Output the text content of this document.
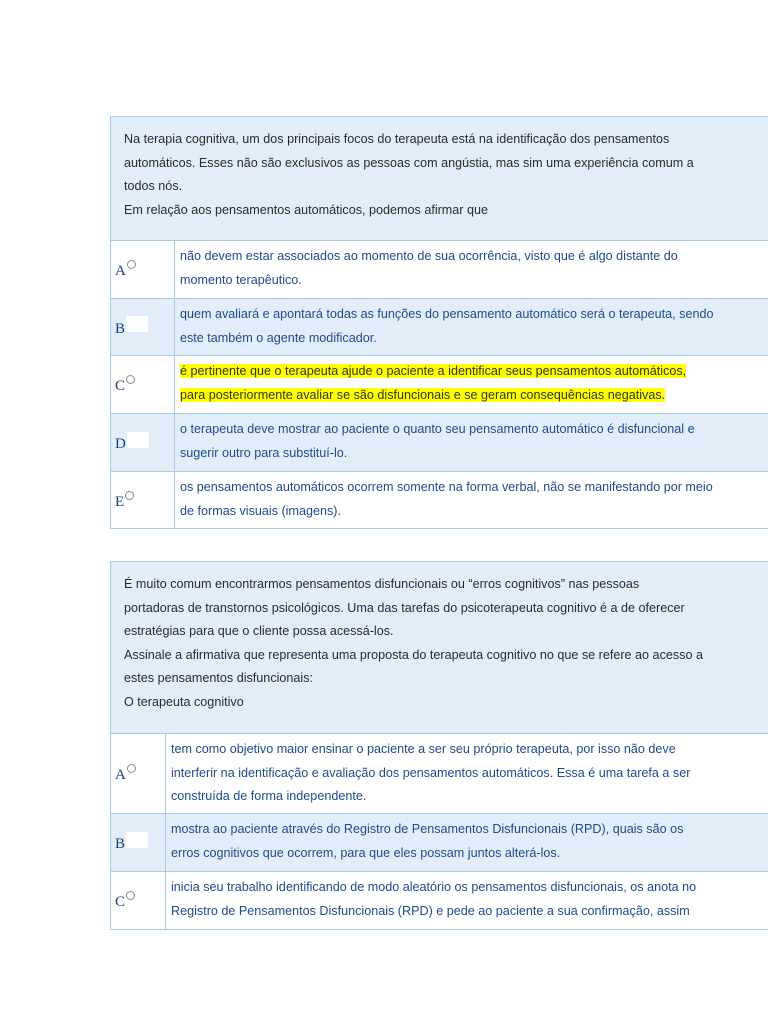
Na terapia cognitiva, um dos principais focos do terapeuta está na identificação dos pensamentos

automáticos. Esses não são exclusivos as pessoas com angústia, mas sim uma experiência comum a

todos nós.

Em relação aos pensamentos automáticos, podemos afirmar que

A
não devem estar associados ao momento de sua ocorrência, visto que é algo distante do
momento terapêutico.
B
quem avaliará e apontará todas as funções do pensamento automático será o terapeuta, sendo
este também o agente modificador.
C
é pertinente que o terapeuta ajude o paciente a identificar seus pensamentos automáticos,
para posteriormente avaliar se são disfuncionais e se geram consequências negativas.
D
o terapeuta deve mostrar ao paciente o quanto seu pensamento automático é disfuncional e
sugerir outro para substituí-lo.
E
os pensamentos automáticos ocorrem somente na forma verbal, não se manifestando por meio
de formas visuais (imagens).

É muito comum encontrarmos pensamentos disfuncionais ou “erros cognitivos” nas pessoas

portadoras de transtornos psicológicos. Uma das tarefas do psicoterapeuta cognitivo é a de oferecer

estratégias para que o cliente possa acessá-los.

Assinale a afirmativa que representa uma proposta do terapeuta cognitivo no que se refere ao acesso a

estes pensamentos disfuncionais:

O terapeuta cognitivo

A
tem como objetivo maior ensinar o paciente a ser seu próprio terapeuta, por isso não deve
interferir na identificação e avaliação dos pensamentos automáticos. Essa é uma tarefa a ser
construída de forma independente.
B
mostra ao paciente através do Registro de Pensamentos Disfuncionais (RPD), quais são os
erros cognitivos que ocorrem, para que eles possam juntos alterá-los.
C
inicia seu trabalho identificando de modo aleatório os pensamentos disfuncionais, os anota no
Registro de Pensamentos Disfuncionais (RPD) e pede ao paciente a sua confirmação, assim
